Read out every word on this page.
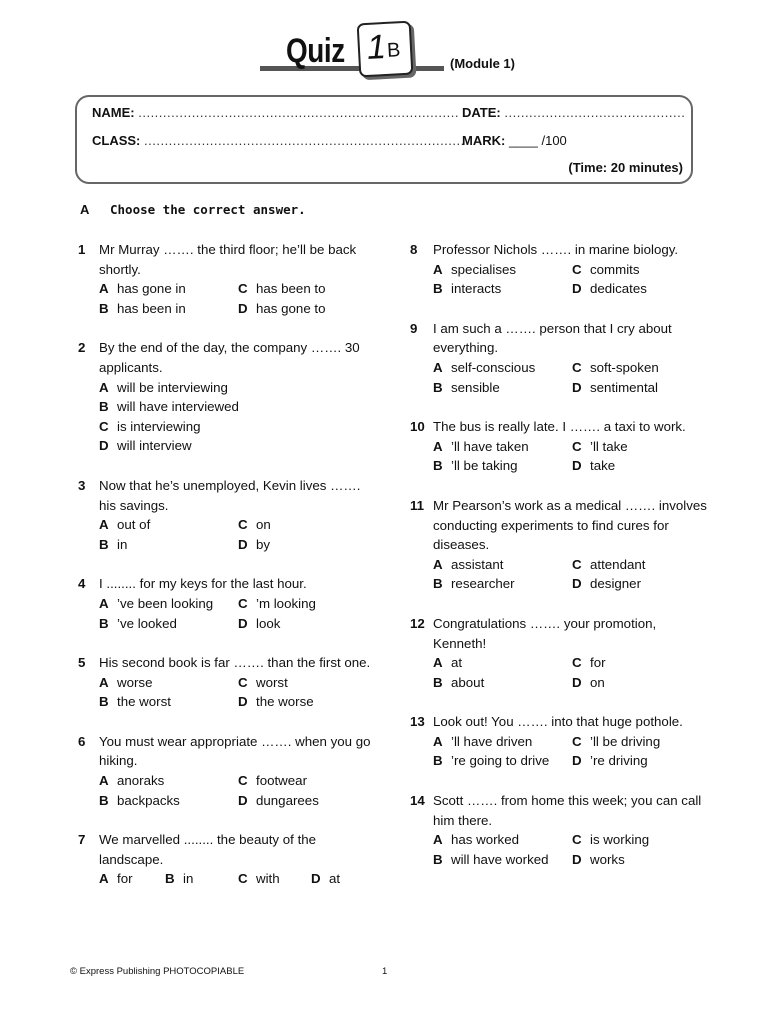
Quiz 1 B
(Module 1)
NAME: .............................................................................. DATE: ............................................
CLASS: ..............................................................................
MARK: ____ /100
(Time: 20 minutes)
A Choose the correct answer.
1	Mr Murray ……. the third floor; he’ll be back shortly.
A has gone in	C has been to
B has been in	D has gone to
2	By the end of the day, the company ……. 30 applicants.
A will be interviewing
B will have interviewed
C is interviewing
D will interview
3	Now that he’s unemployed, Kevin lives ……. his savings.
A out of	C on
B in	D by
4	I ........ for my keys for the last hour.
A ’ve been looking	C ’m looking
B ’ve looked	D look
5	His second book is far ……. than the first one.
A worse	C worst
B the worst	D the worse
6	You must wear appropriate ……. when you go hiking.
A anoraks	C footwear
B backpacks	D dungarees
7	We marvelled ........ the beauty of the landscape.
A for	B in	C with	D at
8	Professor Nichols ……. in marine biology.
A specialises	C commits
B interacts	D dedicates
9	I am such a ……. person that I cry about everything.
A self-conscious	C soft-spoken
B sensible	D sentimental
10 The bus is really late. I ……. a taxi to work.
A ’ll have taken	C ’ll take
B ’ll be taking	D take
11 Mr Pearson’s work as a medical ……. involves conducting experiments to find cures for diseases.
A assistant	C attendant
B researcher	D designer
12 Congratulations ……. your promotion, Kenneth!
A at	C for
B about	D on
13 Look out! You ……. into that huge pothole.
A ’ll have driven	C ’ll be driving
B ’re going to drive	D ’re driving
14 Scott ……. from home this week; you can call him there.
A has worked	C is working
B will have worked	D works
© Express Publishing PHOTOCOPIABLE	1
